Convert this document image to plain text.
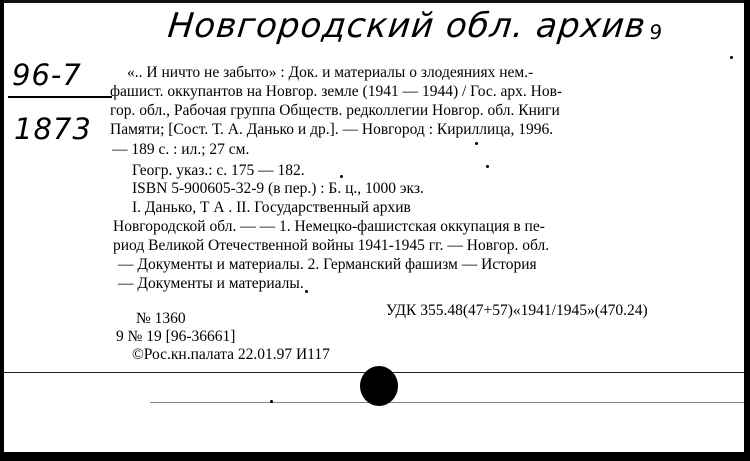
Новгородский обл. архив9
96-7
1873
«.. И ничто не забыто» : Док. и материалы о злодеяниях нем.-
фашист. оккупантов на Новгор. земле (1941 — 1944) / Гос. арх. Нов-
гор. обл., Рабочая группа Обществ. редколлегии Новгор. обл. Книги
Памяти; [Сост. Т. А. Данько и др.]. — Новгород : Кириллица, 1996.
— 189 с. : ил.; 27 см.
Геогр. указ.: с. 175 — 182.
ISBN 5-900605-32-9 (в пер.) : Б. ц., 1000 экз.
I. Данько, Т А . II. Государственный архив
Новгородской обл. — — 1. Немецко-фашистская оккупация в пе-
риод Великой Отечественной войны 1941-1945 гг. — Новгор. обл.
— Документы и материалы. 2. Германский фашизм — История
— Документы и материалы.
№ 1360	УДК 355.48(47+57)«1941/1945»(470.24)
9 № 19 [96-36661]
©Рос.кн.палата 22.01.97 И117
